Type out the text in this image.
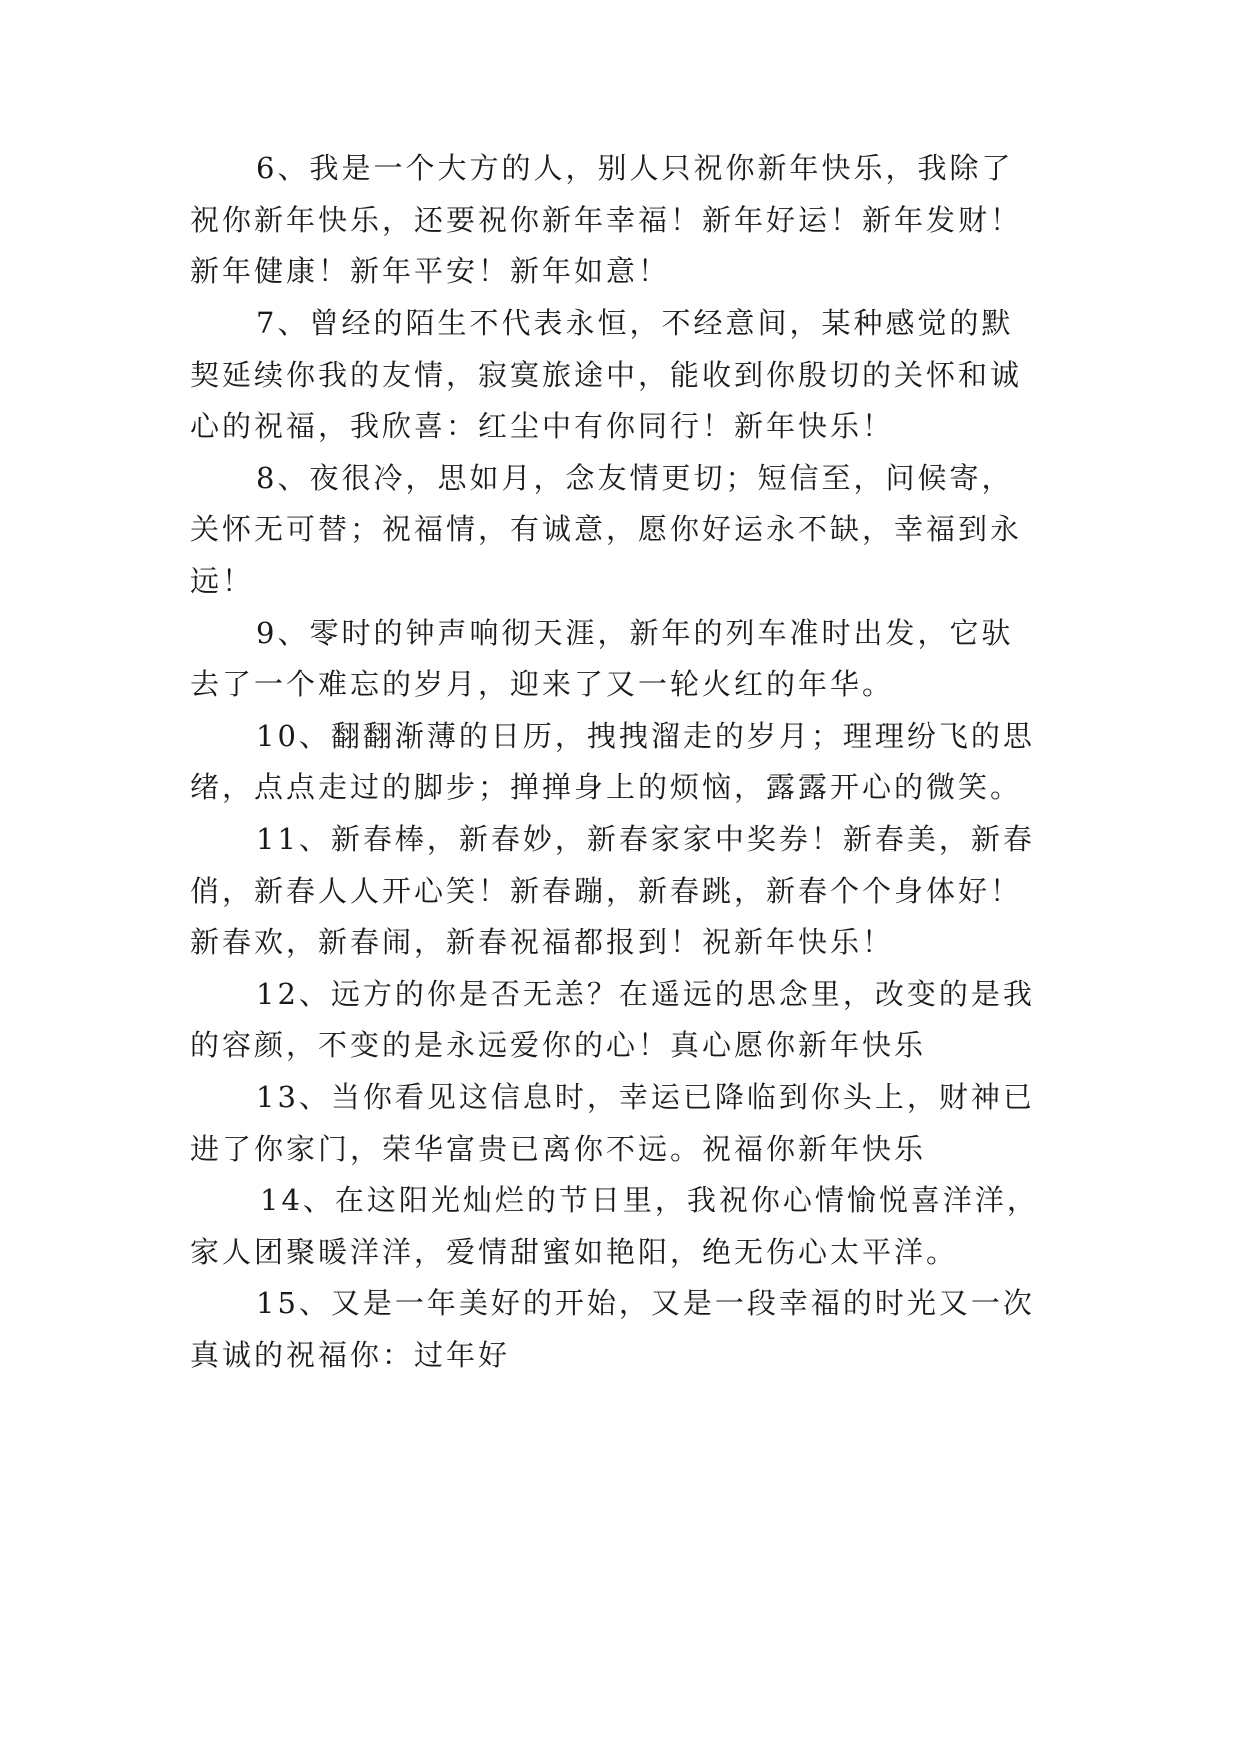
6、我是一个大方的人，别人只祝你新年快乐，我除了
祝你新年快乐，还要祝你新年幸福！新年好运！新年发财！
新年健康！新年平安！新年如意！
7、曾经的陌生不代表永恒，不经意间，某种感觉的默
契延续你我的友情，寂寞旅途中，能收到你殷切的关怀和诚
心的祝福，我欣喜：红尘中有你同行！新年快乐！
8、夜很冷，思如月，念友情更切；短信至，问候寄，
关怀无可替；祝福情，有诚意，愿你好运永不缺，幸福到永
远！
9、零时的钟声响彻天涯，新年的列车准时出发，它驮
去了一个难忘的岁月，迎来了又一轮火红的年华。
10、翻翻渐薄的日历，拽拽溜走的岁月；理理纷飞的思
绪，点点走过的脚步；掸掸身上的烦恼，露露开心的微笑。
11、新春棒，新春妙，新春家家中奖券！新春美，新春
俏，新春人人开心笑！新春蹦，新春跳，新春个个身体好！
新春欢，新春闹，新春祝福都报到！祝新年快乐！
12、远方的你是否无恙？在遥远的思念里，改变的是我
的容颜，不变的是永远爱你的心！真心愿你新年快乐
13、当你看见这信息时，幸运已降临到你头上，财神已
进了你家门，荣华富贵已离你不远。祝福你新年快乐
14、在这阳光灿烂的节日里，我祝你心情愉悦喜洋洋，
家人团聚暖洋洋，爱情甜蜜如艳阳，绝无伤心太平洋。
15、又是一年美好的开始，又是一段幸福的时光又一次
真诚的祝福你：过年好
